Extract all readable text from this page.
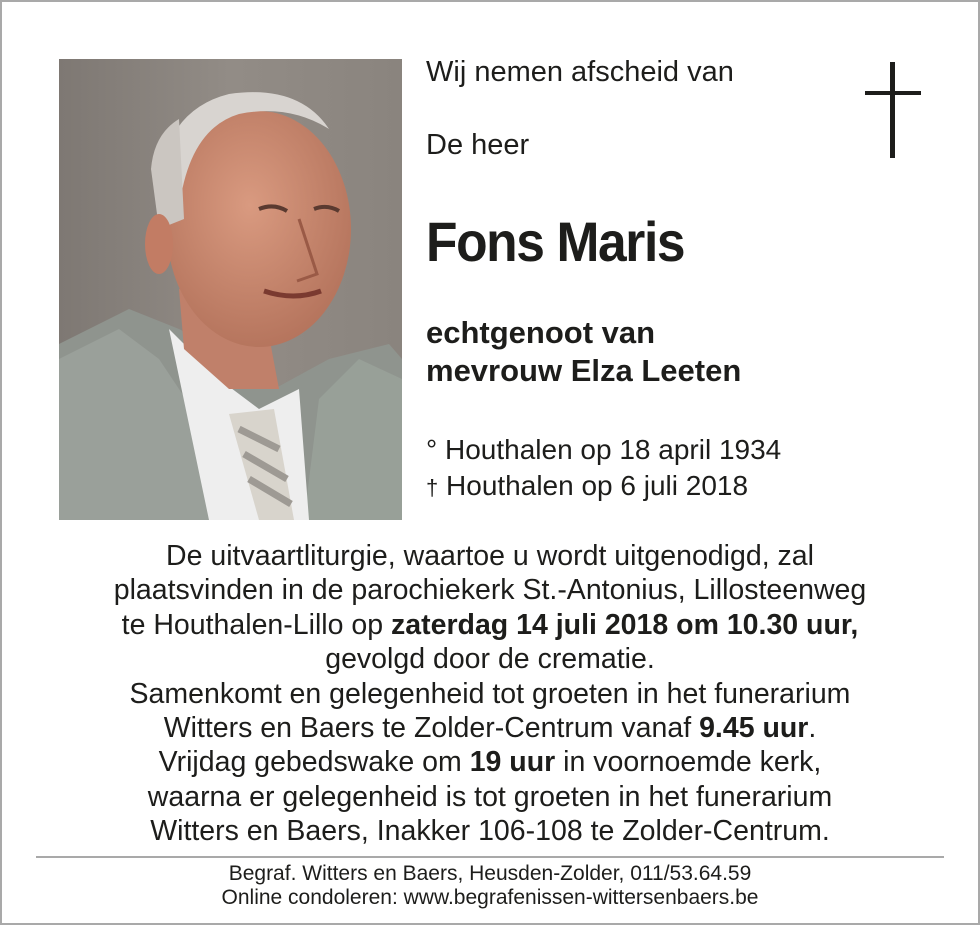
Wij nemen afscheid van
De heer
Fons Maris
echtgenoot van
mevrouw Elza Leeten
° Houthalen op 18 april 1934
† Houthalen op 6 juli 2018
De uitvaartliturgie, waartoe u wordt uitgenodigd, zal
plaatsvinden in de parochiekerk St.-Antonius, Lillosteenweg
te Houthalen-Lillo op zaterdag 14 juli 2018 om 10.30 uur,
gevolgd door de crematie.
Samenkomt en gelegenheid tot groeten in het funerarium
Witters en Baers te Zolder-Centrum vanaf 9.45 uur.
Vrijdag gebedswake om 19 uur in voornoemde kerk,
waarna er gelegenheid is tot groeten in het funerarium
Witters en Baers, Inakker 106-108 te Zolder-Centrum.
Begraf. Witters en Baers, Heusden-Zolder, 011/53.64.59
Online condoleren: www.begrafenissen-wittersenbaers.be
